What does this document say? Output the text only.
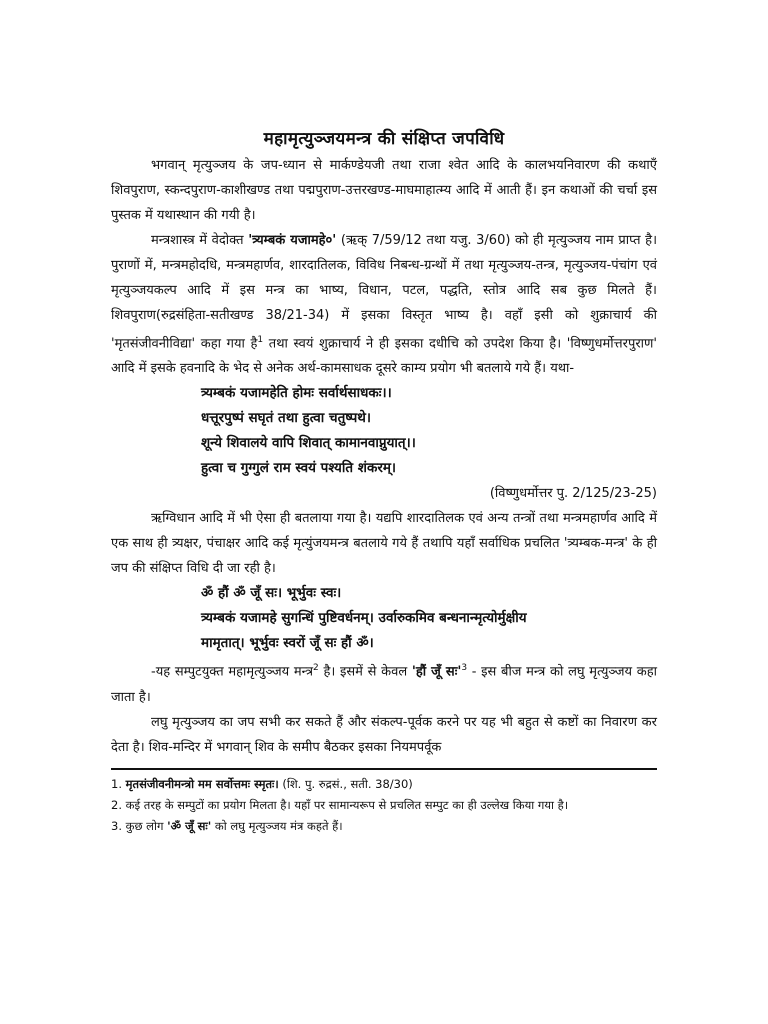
महामृत्युञ्जयमन्त्र की संक्षिप्त जपविधि

भगवान् मृत्युञ्जय के जप-ध्यान से मार्कण्डेयजी तथा राजा श्वेत आदि के कालभयनिवारण की कथाएँ शिवपुराण, स्कन्दपुराण-काशीखण्ड तथा पद्मपुराण-उत्तरखण्ड-माघमाहात्म्य आदि में आती हैं। इन कथाओं की चर्चा इस पुस्तक में यथास्थान की गयी है।

मन्त्रशास्त्र में वेदोक्त 'त्र्यम्बकं यजामहे०' (ऋक् 7/59/12 तथा यजु. 3/60) को ही मृत्युञ्जय नाम प्राप्त है। पुराणों में, मन्त्रमहोदधि, मन्त्रमहार्णव, शारदातिलक, विविध निबन्ध-ग्रन्थों में तथा मृत्युञ्जय-तन्त्र, मृत्युञ्जय-पंचांग एवं मृत्युञ्जयकल्प आदि में इस मन्त्र का भाष्य, विधान, पटल, पद्धति, स्तोत्र आदि सब कुछ मिलते हैं। शिवपुराण(रुद्रसंहिता-सतीखण्ड 38/21-34) में इसका विस्तृत भाष्य है। वहाँ इसी को शुक्राचार्य की 'मृतसंजीवनीविद्या' कहा गया है$^1$ तथा स्वयं शुक्राचार्य ने ही इसका दधीचि को उपदेश किया है। 'विष्णुधर्मोत्तरपुराण' आदि में इसके हवनादि के भेद से अनेक अर्थ-कामसाधक दूसरे काम्य प्रयोग भी बतलाये गये हैं। यथा-

त्र्यम्बकं यजामहेति होमः सर्वार्थसाधकः।।

धत्तूरपुष्पं सघृतं तथा हुत्वा चतुष्पथे।

शून्ये शिवालये वापि शिवात् कामानवाप्नुयात्।।

हुत्वा च गुग्गुलं राम स्वयं पश्यति शंकरम्।

(विष्णुधर्मोत्तर पु. 2/125/23-25)

ऋग्विधान आदि में भी ऐसा ही बतलाया गया है। यद्यपि शारदातिलक एवं अन्य तन्त्रों तथा मन्त्रमहार्णव आदि में एक साथ ही त्र्यक्षर, पंचाक्षर आदि कई मृत्युंजयमन्त्र बतलाये गये हैं तथापि यहाँ सर्वाधिक प्रचलित 'त्र्यम्बक-मन्त्र' के ही जप की संक्षिप्त विधि दी जा रही है।

ॐ हौं ॐ जूँ सः। भूर्भुवः स्वः।

त्र्यम्बकं यजामहे सुगन्धिं पुष्टिवर्धनम्। उर्वारुकमिव बन्धनान्मृत्योर्मुक्षीय

मामृतात्। भूर्भुवः स्वरों जूँ सः हौं ॐ।

-यह सम्पुटयुक्त महामृत्युञ्जय मन्त्र$^2$ है। इसमें से केवल 'हौं जूँ $सः'^3$ - इस बीज मन्त्र को लघु मृत्युञ्जय कहा जाता है।

लघु मृत्युञ्जय का जप सभी कर सकते हैं और संकल्प-पूर्वक करने पर यह भी बहुत से कष्टों का निवारण कर देता है। शिव-मन्दिर में भगवान् शिव के समीप बैठकर इसका नियमपर्वूक

1. मृतसंजीवनीमन्त्रो मम सर्वोत्तमः स्मृतः। (शि. पु. रुद्रसं., सती. 38/30)

2. कई तरह के सम्पुटों का प्रयोग मिलता है। यहाँ पर सामान्यरूप से प्रचलित सम्पुट का ही उल्लेख किया गया है।

3. कुछ लोग 'ॐ जूँ सः' को लघु मृत्युञ्जय मंत्र कहते हैं।
